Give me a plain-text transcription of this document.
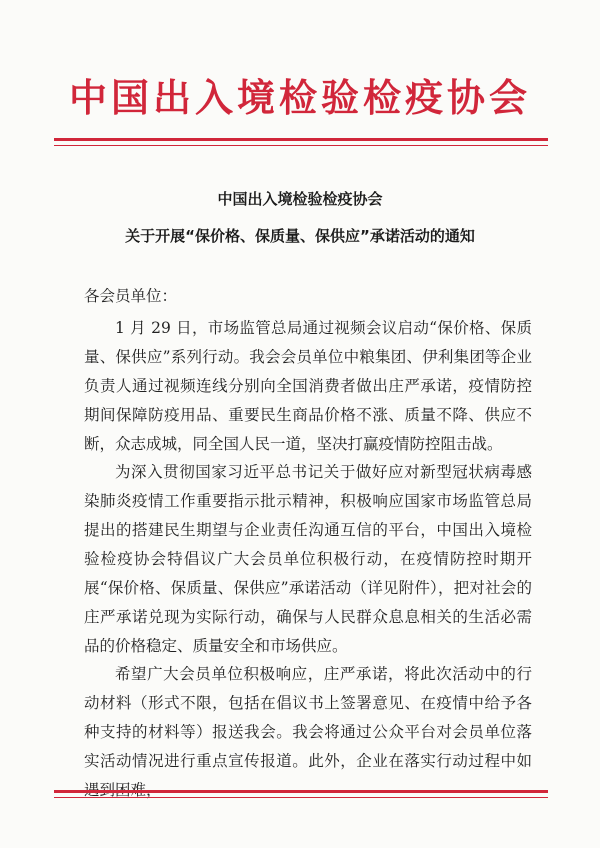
中国出入境检验检疫协会
中国出入境检验检疫协会
关于开展“保价格、保质量、保供应”承诺活动的通知
各会员单位：
1 月 29 日，市场监管总局通过视频会议启动“保价格、保质量、保供应”系列行动。我会会员单位中粮集团、伊利集团等企业负责人通过视频连线分别向全国消费者做出庄严承诺，疫情防控期间保障防疫用品、重要民生商品价格不涨、质量不降、供应不断，众志成城，同全国人民一道，坚决打赢疫情防控阻击战。
为深入贯彻国家习近平总书记关于做好应对新型冠状病毒感染肺炎疫情工作重要指示批示精神，积极响应国家市场监管总局提出的搭建民生期望与企业责任沟通互信的平台，中国出入境检验检疫协会特倡议广大会员单位积极行动，在疫情防控时期开展“保价格、保质量、保供应”承诺活动（详见附件），把对社会的庄严承诺兑现为实际行动，确保与人民群众息息相关的生活必需品的价格稳定、质量安全和市场供应。
希望广大会员单位积极响应，庄严承诺，将此次活动中的行动材料（形式不限，包括在倡议书上签署意见、在疫情中给予各种支持的材料等）报送我会。我会将通过公众平台对会员单位落实活动情况进行重点宣传报道。此外，企业在落实行动过程中如
